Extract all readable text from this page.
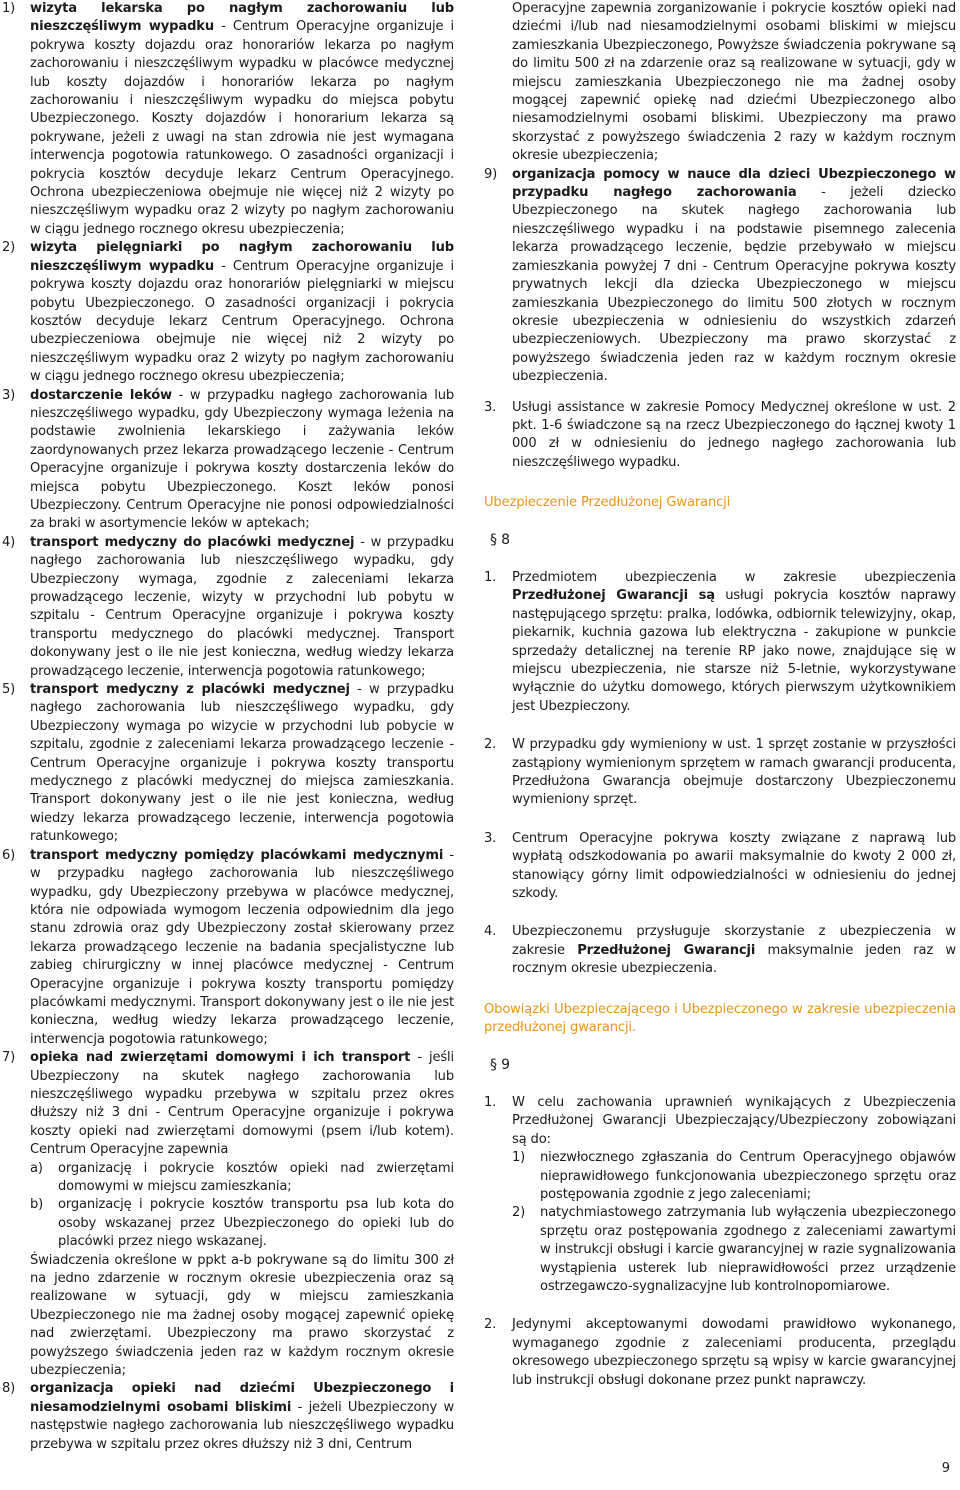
1) wizyta lekarska po nagłym zachorowaniu lub nieszczęśliwym wypadku - Centrum Operacyjne organizuje i pokrywa koszty dojazdu oraz honorariów lekarza po nagłym zachorowaniu i nieszczęśliwym wypadku w placówce medycznej lub koszty dojazdów i honorariów lekarza po nagłym zachorowaniu i nieszczęśliwym wypadku do miejsca pobytu Ubezpieczonego. Koszty dojazdów i honorarium lekarza są pokrywane, jeżeli z uwagi na stan zdrowia nie jest wymagana interwencja pogotowia ratunkowego. O zasadności organizacji i pokrycia kosztów decyduje lekarz Centrum Operacyjnego. Ochrona ubezpieczeniowa obejmuje nie więcej niż 2 wizyty po nieszczęśliwym wypadku oraz 2 wizyty po nagłym zachorowaniu w ciągu jednego rocznego okresu ubezpieczenia;
2) wizyta pielęgniarki po nagłym zachorowaniu lub nieszczęśliwym wypadku - Centrum Operacyjne organizuje i pokrywa koszty dojazdu oraz honorariów pielęgniarki w miejscu pobytu Ubezpieczonego. O zasadności organizacji i pokrycia kosztów decyduje lekarz Centrum Operacyjnego. Ochrona ubezpieczeniowa obejmuje nie więcej niż 2 wizyty po nieszczęśliwym wypadku oraz 2 wizyty po nagłym zachorowaniu w ciągu jednego rocznego okresu ubezpieczenia;
3) dostarczenie leków - w przypadku nagłego zachorowania lub nieszczęśliwego wypadku, gdy Ubezpieczony wymaga leżenia na podstawie zwolnienia lekarskiego i zażywania leków zaordynowanych przez lekarza prowadzącego leczenie - Centrum Operacyjne organizuje i pokrywa koszty dostarczenia leków do miejsca pobytu Ubezpieczonego. Koszt leków ponosi Ubezpieczony. Centrum Operacyjne nie ponosi odpowiedzialności za braki w asortymencie leków w aptekach;
4) transport medyczny do placówki medycznej - w przypadku nagłego zachorowania lub nieszczęśliwego wypadku, gdy Ubezpieczony wymaga, zgodnie z zaleceniami lekarza prowadzącego leczenie, wizyty w przychodni lub pobytu w szpitalu - Centrum Operacyjne organizuje i pokrywa koszty transportu medycznego do placówki medycznej. Transport dokonywany jest o ile nie jest konieczna, według wiedzy lekarza prowadzącego leczenie, interwencja pogotowia ratunkowego;
5) transport medyczny z placówki medycznej - w przypadku nagłego zachorowania lub nieszczęśliwego wypadku, gdy Ubezpieczony wymaga po wizycie w przychodni lub pobycie w szpitalu, zgodnie z zaleceniami lekarza prowadzącego leczenie - Centrum Operacyjne organizuje i pokrywa koszty transportu medycznego z placówki medycznej do miejsca zamieszkania. Transport dokonywany jest o ile nie jest konieczna, według wiedzy lekarza prowadzącego leczenie, interwencja pogotowia ratunkowego;
6) transport medyczny pomiędzy placówkami medycznymi - w przypadku nagłego zachorowania lub nieszczęśliwego wypadku, gdy Ubezpieczony przebywa w placówce medycznej, która nie odpowiada wymogom leczenia odpowiednim dla jego stanu zdrowia oraz gdy Ubezpieczony został skierowany przez lekarza prowadzącego leczenie na badania specjalistyczne lub zabieg chirurgiczny w innej placówce medycznej - Centrum Operacyjne organizuje i pokrywa koszty transportu pomiędzy placówkami medycznymi. Transport dokonywany jest o ile nie jest konieczna, według wiedzy lekarza prowadzącego leczenie, interwencja pogotowia ratunkowego;
7) opieka nad zwierzętami domowymi i ich transport - jeśli Ubezpieczony na skutek nagłego zachorowania lub nieszczęśliwego wypadku przebywa w szpitalu przez okres dłuższy niż 3 dni - Centrum Operacyjne organizuje i pokrywa koszty opieki nad zwierzętami domowymi (psem i/lub kotem). Centrum Operacyjne zapewnia
a) organizację i pokrycie kosztów opieki nad zwierzętami domowymi w miejscu zamieszkania;
b) organizację i pokrycie kosztów transportu psa lub kota do osoby wskazanej przez Ubezpieczonego do opieki lub do placówki przez niego wskazanej.
Świadczenia określone w ppkt a-b pokrywane są do limitu 300 zł na jedno zdarzenie w rocznym okresie ubezpieczenia oraz są realizowane w sytuacji, gdy w miejscu zamieszkania Ubezpieczonego nie ma żadnej osoby mogącej zapewnić opiekę nad zwierzętami. Ubezpieczony ma prawo skorzystać z powyższego świadczenia jeden raz w każdym rocznym okresie ubezpieczenia;
8) organizacja opieki nad dziećmi Ubezpieczonego i niesamodzielnymi osobami bliskimi - jeżeli Ubezpieczony w następstwie nagłego zachorowania lub nieszczęśliwego wypadku przebywa w szpitalu przez okres dłuższy niż 3 dni, Centrum
Operacyjne zapewnia zorganizowanie i pokrycie kosztów opieki nad dziećmi i/lub nad niesamodzielnymi osobami bliskimi w miejscu zamieszkania Ubezpieczonego, Powyższe świadczenia pokrywane są do limitu 500 zł na zdarzenie oraz są realizowane w sytuacji, gdy w miejscu zamieszkania Ubezpieczonego nie ma żadnej osoby mogącej zapewnić opiekę nad dziećmi Ubezpieczonego albo niesamodzielnymi osobami bliskimi. Ubezpieczony ma prawo skorzystać z powyższego świadczenia 2 razy w każdym rocznym okresie ubezpieczenia;
9) organizacja pomocy w nauce dla dzieci Ubezpieczonego w przypadku nagłego zachorowania - jeżeli dziecko Ubezpieczonego na skutek nagłego zachorowania lub nieszczęśliwego wypadku i na podstawie pisemnego zalecenia lekarza prowadzącego leczenie, będzie przebywało w miejscu zamieszkania powyżej 7 dni - Centrum Operacyjne pokrywa koszty prywatnych lekcji dla dziecka Ubezpieczonego w miejscu zamieszkania Ubezpieczonego do limitu 500 złotych w rocznym okresie ubezpieczenia w odniesieniu do wszystkich zdarzeń ubezpieczeniowych. Ubezpieczony ma prawo skorzystać z powyższego świadczenia jeden raz w każdym rocznym okresie ubezpieczenia.
3. Usługi assistance w zakresie Pomocy Medycznej określone w ust. 2 pkt. 1-6 świadczone są na rzecz Ubezpieczonego do łącznej kwoty 1 000 zł w odniesieniu do jednego nagłego zachorowania lub nieszczęśliwego wypadku.
Ubezpieczenie Przedłużonej Gwarancji
§ 8
1. Przedmiotem ubezpieczenia w zakresie ubezpieczenia Przedłużonej Gwarancji są usługi pokrycia kosztów naprawy następującego sprzętu: pralka, lodówka, odbiornik telewizyjny, okap, piekarnik, kuchnia gazowa lub elektryczna - zakupione w punkcie sprzedaży detalicznej na terenie RP jako nowe, znajdujące się w miejscu ubezpieczenia, nie starsze niż 5-letnie, wykorzystywane wyłącznie do użytku domowego, których pierwszym użytkownikiem jest Ubezpieczony.
2. W przypadku gdy wymieniony w ust. 1 sprzęt zostanie w przyszłości zastąpiony wymienionym sprzętem w ramach gwarancji producenta, Przedłużona Gwarancja obejmuje dostarczony Ubezpieczonemu wymieniony sprzęt.
3. Centrum Operacyjne pokrywa koszty związane z naprawą lub wypłatą odszkodowania po awarii maksymalnie do kwoty 2 000 zł, stanowiący górny limit odpowiedzialności w odniesieniu do jednej szkody.
4. Ubezpieczonemu przysługuje skorzystanie z ubezpieczenia w zakresie Przedłużonej Gwarancji maksymalnie jeden raz w rocznym okresie ubezpieczenia.
Obowiązki Ubezpieczającego i Ubezpieczonego w zakresie ubezpieczenia przedłużonej gwarancji.
§ 9
1. W celu zachowania uprawnień wynikających z Ubezpieczenia Przedłużonej Gwarancji Ubezpieczający/Ubezpieczony zobowiązani są do:
1) niezwłocznego zgłaszania do Centrum Operacyjnego objawów nieprawidłowego funkcjonowania ubezpieczonego sprzętu oraz postępowania zgodnie z jego zaleceniami;
2) natychmiastowego zatrzymania lub wyłączenia ubezpieczonego sprzętu oraz postępowania zgodnego z zaleceniami zawartymi w instrukcji obsługi i karcie gwarancyjnej w razie sygnalizowania wystąpienia usterek lub nieprawidłowości przez urządzenie ostrzegawczo-sygnalizacyjne lub kontrolnopomiarowe.
2. Jedynymi akceptowanymi dowodami prawidłowo wykonanego, wymaganego zgodnie z zaleceniami producenta, przeglądu okresowego ubezpieczonego sprzętu są wpisy w karcie gwarancyjnej lub instrukcji obsługi dokonane przez punkt naprawczy.
9
